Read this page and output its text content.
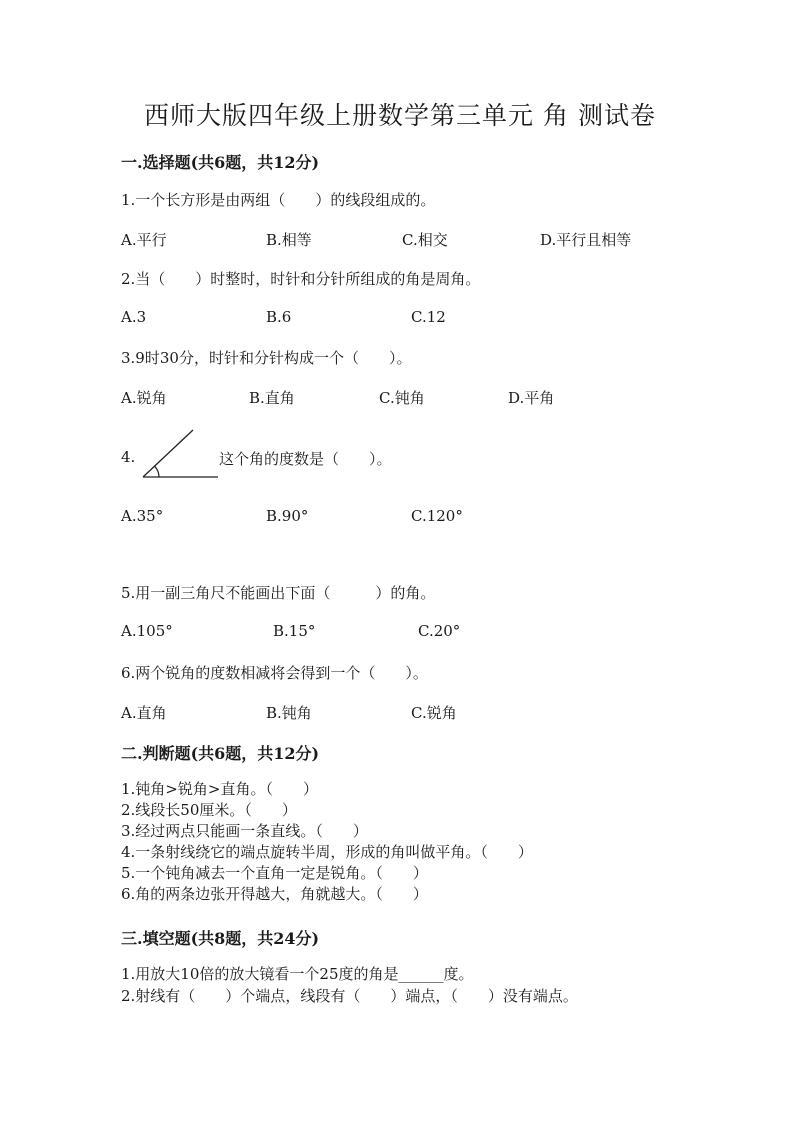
西师大版四年级上册数学第三单元 角 测试卷
一.选择题(共6题，共12分)
1.一个长方形是由两组（　　）的线段组成的。
A.平行	B.相等	C.相交	D.平行且相等
2.当（　　）时整时，时针和分针所组成的角是周角。
A.3	B.6	C.12
3.9时30分，时针和分针构成一个（　　）。
A.锐角	B.直角	C.钝角	D.平角
4.	这个角的度数是（　　）。
A.35°	B.90°	C.120°
5.用一副三角尺不能画出下面（　　　）的角。
A.105°	B.15°	C.20°
6.两个锐角的度数相减将会得到一个（　　）。
A.直角	B.钝角	C.锐角
二.判断题(共6题，共12分)
1.钝角>锐角>直角。（　　）
2.线段长50厘米。（　　）
3.经过两点只能画一条直线。（　　）
4.一条射线绕它的端点旋转半周，形成的角叫做平角。（　　）
5.一个钝角减去一个直角一定是锐角。（　　）
6.角的两条边张开得越大，角就越大。（　　）
三.填空题(共8题，共24分)
1.用放大10倍的放大镜看一个25度的角是______度。
2.射线有（　　）个端点，线段有（　　）端点，（　　）没有端点。
